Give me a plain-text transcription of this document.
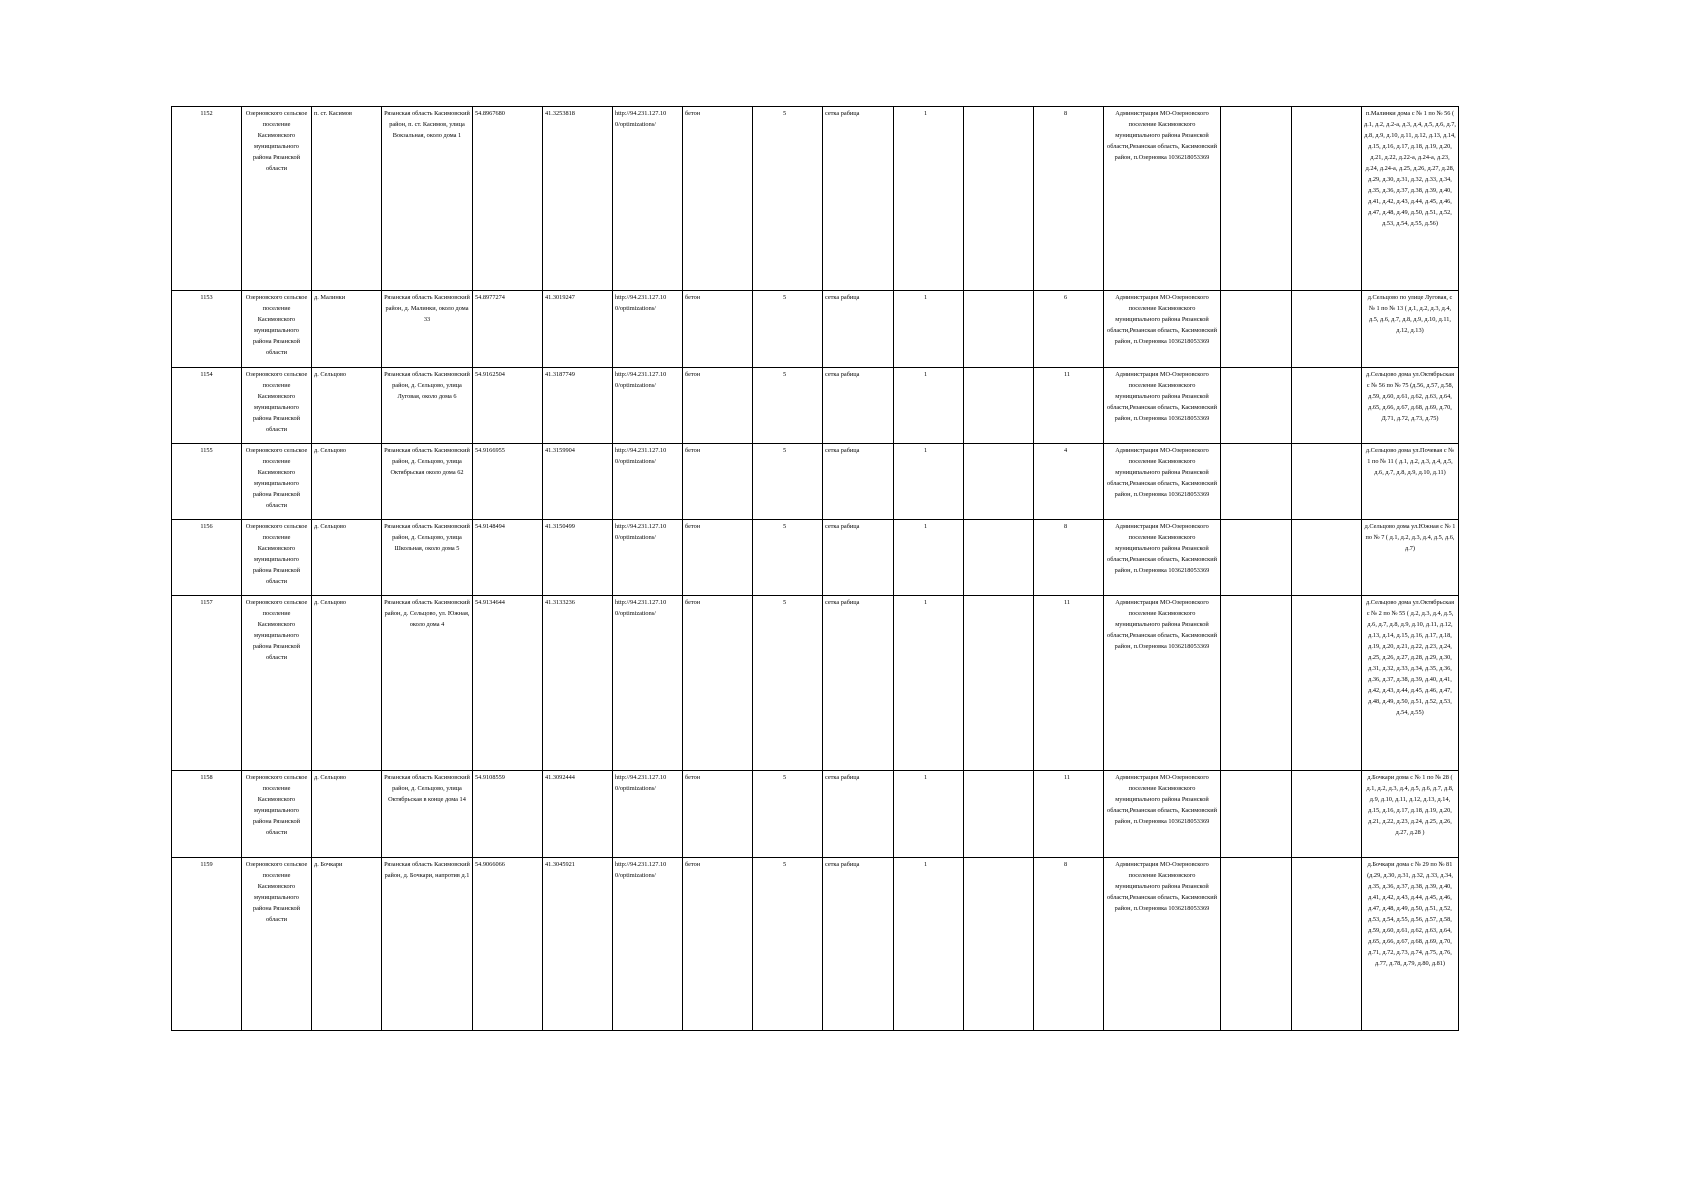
1152	Озерновского сельское поселение Касимовского муниципального района Рязанской области	п. ст. Касимов	Рязанская область Касимовский район, п. ст. Касимов, улица Вокзальная, около дома 1	54.8967680	41.3253818	http://94.231.127.10 0/optimizations/	бетон	5	сетка рабица	1		8	Администрация МО-Озерновского поселение Касимовского муниципального района Рязанской области,Рязанская область, Касимовский район, п.Озерновка 1036218053369			п.Малинки дома с № 1 по № 56 ( д.1, д.2, д.2-а, д.3, д.4, д.5, д.6, д.7, д.8, д.9, д.10, д.11, д.12, д.13, д.14, д.15, д.16, д.17, д.18, д.19, д.20, д.21, д.22, д.22-а, д.24-а, д.23, д.24, д.24-а, д.25, д.26, д.27, д.28, д.29, д.30, д.31, д.32, д.33, д.34, д.35, д.36, д.37, д.38, д.39, д.40, д.41, д.42, д.43, д.44, д.45, д.46, д.47, д.48, д.49, д.50, д.51, д.52, д.53, д.54, д.55, д.56)
1153	Озерновского сельское поселение Касимовского муниципального района Рязанской области	д. Малинки	Рязанская область Касимовский район, д. Малинки, около дома 33	54.8977274	41.3019247	http://94.231.127.10 0/optimizations/	бетон	5	сетка рабица	1		6	Администрация МО-Озерновского поселение Касимовского муниципального района Рязанской области,Рязанская область, Касимовский район, п.Озерновка 1036218053369			д.Сельцово по улице Луговая, с № 1 по № 13 ( д.1, д.2, д.3, д.4, д.5, д.6, д.7, д.8, д.9, д.10, д.11, д.12, д.13)
1154	Озерновского сельское поселение Касимовского муниципального района Рязанской области	д. Сельцово	Рязанская область Касимовский район, д. Сельцово, улица Луговая, около дома 6	54.9162504	41.3187749	http://94.231.127.10 0/optimizations/	бетон	5	сетка рабица	1		11	Администрация МО-Озерновского поселение Касимовского муниципального района Рязанской области,Рязанская область, Касимовский район, п.Озерновка 1036218053369			д.Сельцово дома ул.Октябрьская с № 56 по № 75 (д.56, д.57, д.58, д.59, д.60, д.61, д.62, д.63, д.64, д.65, д.66, д.67, д.68, д.69, д.70, Д.71, д.72, д.73, д.75)
1155	Озерновского сельское поселение Касимовского муниципального района Рязанской области	д. Сельцово	Рязанская область Касимовский район, д. Сельцово, улица Октябрьская около дома 62	54.9166955	41.3159904	http://94.231.127.10 0/optimizations/	бетон	5	сетка рабица	1		4	Администрация МО-Озерновского поселение Касимовского муниципального района Рязанской области,Рязанская область, Касимовский район, п.Озерновка 1036218053369			д.Сельцово дома ул.Почевая с № 1 по № 11 ( д.1, д.2, д.3, д.4, д.5, д.6, д.7, д.8, д.9, д.10, д.11)
1156	Озерновского сельское поселение Касимовского муниципального района Рязанской области	д. Сельцово	Рязанская область Касимовский район, д. Сельцово, улица Школьная, около дома 5	54.9148494	41.3150499	http://94.231.127.10 0/optimizations/	бетон	5	сетка рабица	1		8	Администрация МО-Озерновского поселение Касимовского муниципального района Рязанской области,Рязанская область, Касимовский район, п.Озерновка 1036218053369			д.Сельцово дома ул.Южная с № 1 по № 7 ( д.1, д.2, д.3, д.4, д.5, д.6, д.7)
1157	Озерновского сельское поселение Касимовского муниципального района Рязанской области	д. Сельцово	Рязанская область Касимовский район, д. Сельцово, ул. Южная, около дома 4	54.9134644	41.3133236	http://94.231.127.10 0/optimizations/	бетон	5	сетка рабица	1		11	Администрация МО-Озерновского поселение Касимовского муниципального района Рязанской области,Рязанская область, Касимовский район, п.Озерновка 1036218053369			д.Сельцово дома ул.Октябрьская с № 2 по № 55 ( д.2, д.3, д.4, д.5, д.6, д.7, д.8, д.9, д.10, д.11, д.12, д.13, д.14, д.15, д.16, д.17, д.18, д.19, д.20, д.21, д.22, д.23, д.24, д.25, д.26, д.27, д.28, д.29, д.30, д.31, д.32, д.33, д.34, д.35, д.36, д.36, д.37, д.38, д.39, д.40, д.41, д.42, д.43, д.44, д.45, д.46, д.47, д.48, д.49, д.50, д.51, д.52, д.53, д.54, д.55)
1158	Озерновского сельское поселение Касимовского муниципального района Рязанской области	д. Сельцово	Рязанская область Касимовский район, д. Сельцово, улица Октябрьская в конце дома 14	54.9108559	41.3092444	http://94.231.127.10 0/optimizations/	бетон	5	сетка рабица	1		11	Администрация МО-Озерновского поселение Касимовского муниципального района Рязанской области,Рязанская область, Касимовский район, п.Озерновка 1036218053369			д.Бочкари дома с № 1 по № 28 ( д.1, д.2, д.3, д.4, д.5, д.6, д.7, д.8, д.9, д.10, д.11, д.12, д.13, д.14, д.15, д.16, д.17, д.18, д.19, д.20, д.21, д.22, д.23, д.24, д.25, д.26, д.27, д.28 )
1159	Озерновского сельское поселение Касимовского муниципального района Рязанской области	д. Бочкари	Рязанская область Касимовский район, д. Бочкари, напротив д.1	54.9066066	41.3045921	http://94.231.127.10 0/optimizations/	бетон	5	сетка рабица	1		8	Администрация МО-Озерновского поселение Касимовского муниципального района Рязанской области,Рязанская область, Касимовский район, п.Озерновка 1036218053369			д.Бочкари дома с № 29 по № 81 (д.29, д.30, д.31, д.32, д.33, д.34, д.35, д.36, д.37, д.38, д.39, д.40, д.41, д.42, д.43, д.44, д.45, д.46, д.47, д.48, д.49, д.50, д.51, д.52, д.53, д.54, д.55, д.56, д.57, д.58, д.59, д.60, д.61, д.62, д.63, д.64, д.65, д.66, д.67, д.68, д.69, д.70, д.71, д.72, д.73, д.74, д.75, д.76, д.77, д.78, д.79, д.80, д.81)
